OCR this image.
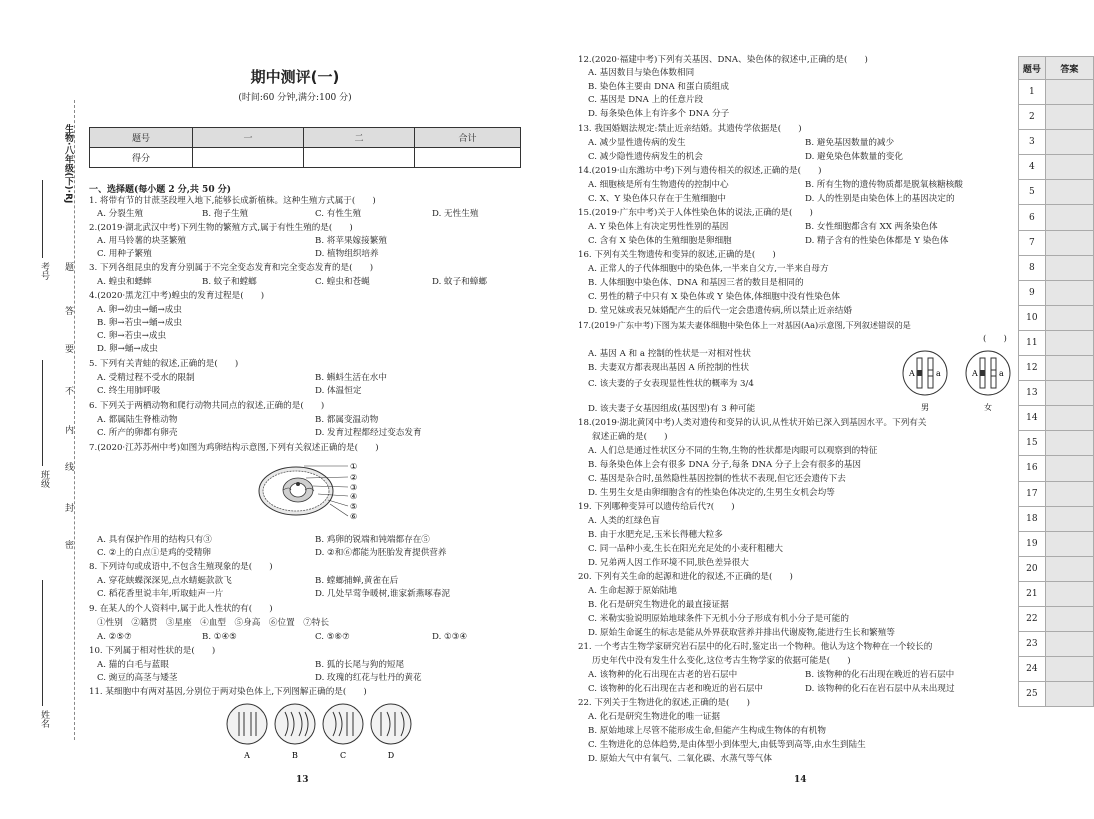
生物·八年级(下)·RJ
题
答
要
不
内
线
封
密
考号
班级
姓名
期中测评(一)
(时间:60 分钟,满分:100 分)
题号	一	二	合计
得分			
一、选择题(每小题 2 分,共 50 分)
1. 将带有节的甘蔗茎段埋入地下,能够长成新植株。这种生殖方式属于(　　)
A. 分裂生殖	B. 孢子生殖	C. 有性生殖	D. 无性生殖
2.(2019·湖北武汉中考)下列生物的繁殖方式,属于有性生殖的是(　　)
A. 用马铃薯的块茎繁殖	B. 将苹果嫁接繁殖
C. 用种子繁殖	D. 植物组织培养
3. 下列各组昆虫的发育分别属于不完全变态发育和完全变态发育的是(　　)
A. 蝗虫和蟋蟀	B. 蚊子和螳螂	C. 蝗虫和苍蝇	D. 蚊子和蟑螂
4.(2020·黑龙江中考)蝗虫的发育过程是(　　)
A. 卵→幼虫→蛹→成虫
B. 卵→若虫→蛹→成虫
C. 卵→若虫→成虫
D. 卵→蛹→成虫
5. 下列有关青蛙的叙述,正确的是(　　)
A. 受精过程不受水的限制	B. 蝌蚪生活在水中
C. 终生用肺呼吸	D. 体温恒定
6. 下列关于两栖动物和爬行动物共同点的叙述,正确的是(　　)
A. 都属陆生脊椎动物	B. 都属变温动物
C. 所产的卵都有卵壳	D. 发育过程都经过变态发育
7.(2020·江苏苏州中考)如图为鸡卵结构示意图,下列有关叙述正确的是(　　)
①
②
③
④
⑤
⑥
A. 具有保护作用的结构只有③	B. 鸡卵的锐端和钝端都存在⑤
C. ②上的白点①是鸡的受精卵	D. ②和⑥都能为胚胎发育提供营养
8. 下列诗句或成语中,不包含生殖现象的是(　　)
A. 穿花蛱蝶深深见,点水蜻蜓款款飞	B. 螳螂捕蝉,黄雀在后
C. 稻花香里说丰年,听取蛙声一片	D. 几处早莺争暖树,谁家新燕啄春泥
9. 在某人的个人资料中,属于此人性状的有(　　)
①性别　②籍贯　③星座　④血型　⑤身高　⑥位置　⑦特长
A. ②⑤⑦	B. ①④⑤	C. ⑤⑥⑦	D. ①③④
10. 下列属于相对性状的是(　　)
A. 猫的白毛与蓝眼	B. 狐的长尾与狗的短尾
C. 豌豆的高茎与矮茎	D. 玫瑰的红花与牡丹的黄花
11. 某细胞中有两对基因,分别位于两对染色体上,下列图解正确的是(　　)
A	B	C	D
13
12.(2020·福建中考)下列有关基因、DNA、染色体的叙述中,正确的是(　　)
A. 基因数目与染色体数相同
B. 染色体主要由 DNA 和蛋白质组成
C. 基因是 DNA 上的任意片段
D. 每条染色体上有许多个 DNA 分子
13. 我国婚姻法规定:禁止近亲结婚。其遗传学依据是(　　)
A. 减少显性遗传病的发生	B. 避免基因数量的减少
C. 减少隐性遗传病发生的机会	D. 避免染色体数量的变化
14.(2019·山东潍坊中考)下列与遗传相关的叙述,正确的是(　　)
A. 细胞核是所有生物遗传的控制中心	B. 所有生物的遗传物质都是脱氧核糖核酸
C. X、Y 染色体只存在于生殖细胞中	D. 人的性别是由染色体上的基因决定的
15.(2019·广东中考)关于人体性染色体的说法,正确的是(　　)
A. Y 染色体上有决定男性性别的基因	B. 女性细胞都含有 XX 两条染色体
C. 含有 X 染色体的生殖细胞是卵细胞	D. 精子含有的性染色体都是 Y 染色体
16. 下列有关生物遗传和变异的叙述,正确的是(　　)
A. 正常人的子代体细胞中的染色体,一半来自父方,一半来自母方
B. 人体细胞中染色体、DNA 和基因三者的数目是相同的
C. 男性的精子中只有 X 染色体或 Y 染色体,体细胞中没有性染色体
D. 堂兄妹或表兄妹婚配产生的后代一定会患遗传病,所以禁止近亲结婚
17.(2019·广东中考)下图为某夫妻体细胞中染色体上一对基因(Aa)示意图,下列叙述错误的是
(　　)
A. 基因 A 和 a 控制的性状是一对相对性状
B. 夫妻双方都表现出基因 A 所控制的性状
C. 该夫妻的子女表现显性性状的概率为 3/4
D. 该夫妻子女基因组成(基因型)有 3 种可能
A	a
男
A	a
女
18.(2019·湖北黄冈中考)人类对遗传和变异的认识,从性状开始已深入到基因水平。下列有关
叙述正确的是(　　)
A. 人们总是通过性状区分不同的生物,生物的性状都是肉眼可以观察到的特征
B. 每条染色体上会有很多 DNA 分子,每条 DNA 分子上会有很多的基因
C. 基因是杂合时,虽然隐性基因控制的性状不表现,但它还会遗传下去
D. 生男生女是由卵细胞含有的性染色体决定的,生男生女机会均等
19. 下列哪种变异可以遗传给后代?(　　)
A. 人类的红绿色盲
B. 由于水肥充足,玉米长得穗大粒多
C. 同一品种小麦,生长在阳光充足处的小麦秆粗穗大
D. 兄弟两人因工作环境不同,肤色差异很大
20. 下列有关生命的起源和进化的叙述,不正确的是(　　)
A. 生命起源于原始陆地
B. 化石是研究生物进化的最直接证据
C. 米勒实验说明原始地球条件下无机小分子形成有机小分子是可能的
D. 原始生命诞生的标志是能从外界获取营养并排出代谢废物,能进行生长和繁殖等
21. 一个考古生物学家研究岩石层中的化石时,鉴定出一个物种。他认为这个物种在一个较长的
历史年代中没有发生什么变化,这位考古生物学家的依据可能是(　　)
A. 该物种的化石出现在古老的岩石层中	B. 该物种的化石出现在晚近的岩石层中
C. 该物种的化石出现在古老和晚近的岩石层中	D. 该物种的化石在岩石层中从未出现过
22. 下列关于生物进化的叙述,正确的是(　　)
A. 化石是研究生物进化的唯一证据
B. 原始地球上尽管不能形成生命,但能产生构成生物体的有机物
C. 生物进化的总体趋势,是由体型小到体型大,由低等到高等,由水生到陆生
D. 原始大气中有氧气、二氧化碳、水蒸气等气体
14
题号	答案
1	
2	
3	
4	
5	
6	
7	
8	
9	
10	
11	
12	
13	
14	
15	
16	
17	
18	
19	
20	
21	
22	
23	
24	
25	
